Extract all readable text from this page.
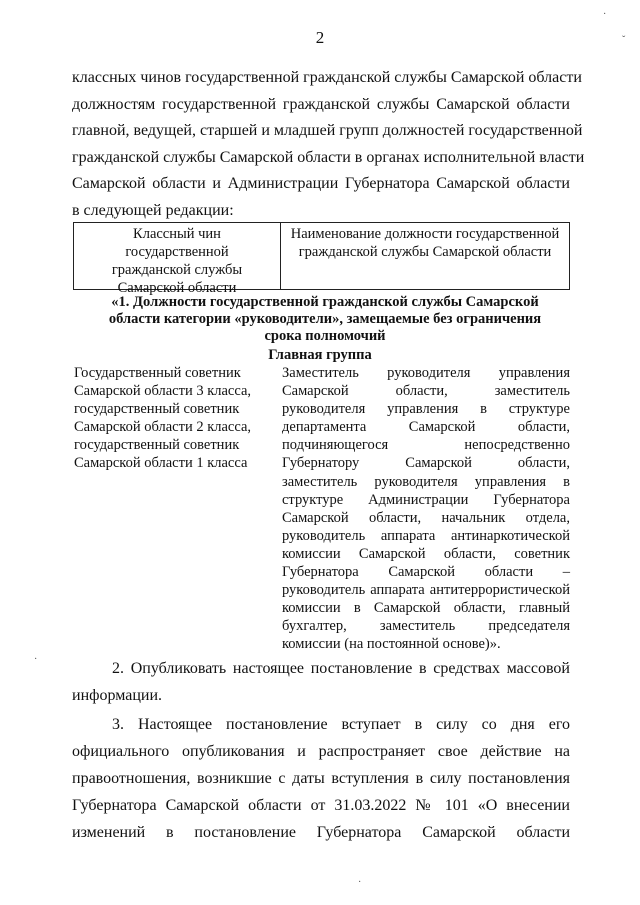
2
классных чинов государственной гражданской службы Самарской области
должностям государственной гражданской службы Самарской области
главной, ведущей, старшей и младшей групп должностей государственной
гражданской службы Самарской области в органах исполнительной власти
Самарской области и Администрации Губернатора Самарской области
в следующей редакции:
Классный чин
государственной
гражданской службы
Самарской области
Наименование должности государственной
гражданской службы Самарской области
«1. Должности государственной гражданской службы Самарской
области категории «руководители», замещаемые без ограничения
срока полномочий
Главная группа
Государственный советник
Самарской области 3 класса,
государственный советник
Самарской области 2 класса,
государственный советник
Самарской области 1 класса
Заместитель руководителя управления
Самарской области, заместитель
руководителя управления в структуре
департамента Самарской области,
подчиняющегося непосредственно
Губернатору Самарской области,
заместитель руководителя управления в
структуре Администрации Губернатора
Самарской области, начальник отдела,
руководитель аппарата антинаркотической
комиссии Самарской области, советник
Губернатора Самарской области –
руководитель аппарата антитеррористической
комиссии в Самарской области, главный
бухгалтер, заместитель председателя
комиссии (на постоянной основе)».
2. Опубликовать настоящее постановление в средствах массовой
информации.
3. Настоящее постановление вступает в силу со дня его
официального опубликования и распространяет свое действие на
правоотношения, возникшие с даты вступления в силу постановления
Губернатора Самарской области от 31.03.2022 № 101 «О внесении
изменений в постановление Губернатора Самарской области
·
ˇ
·
·
